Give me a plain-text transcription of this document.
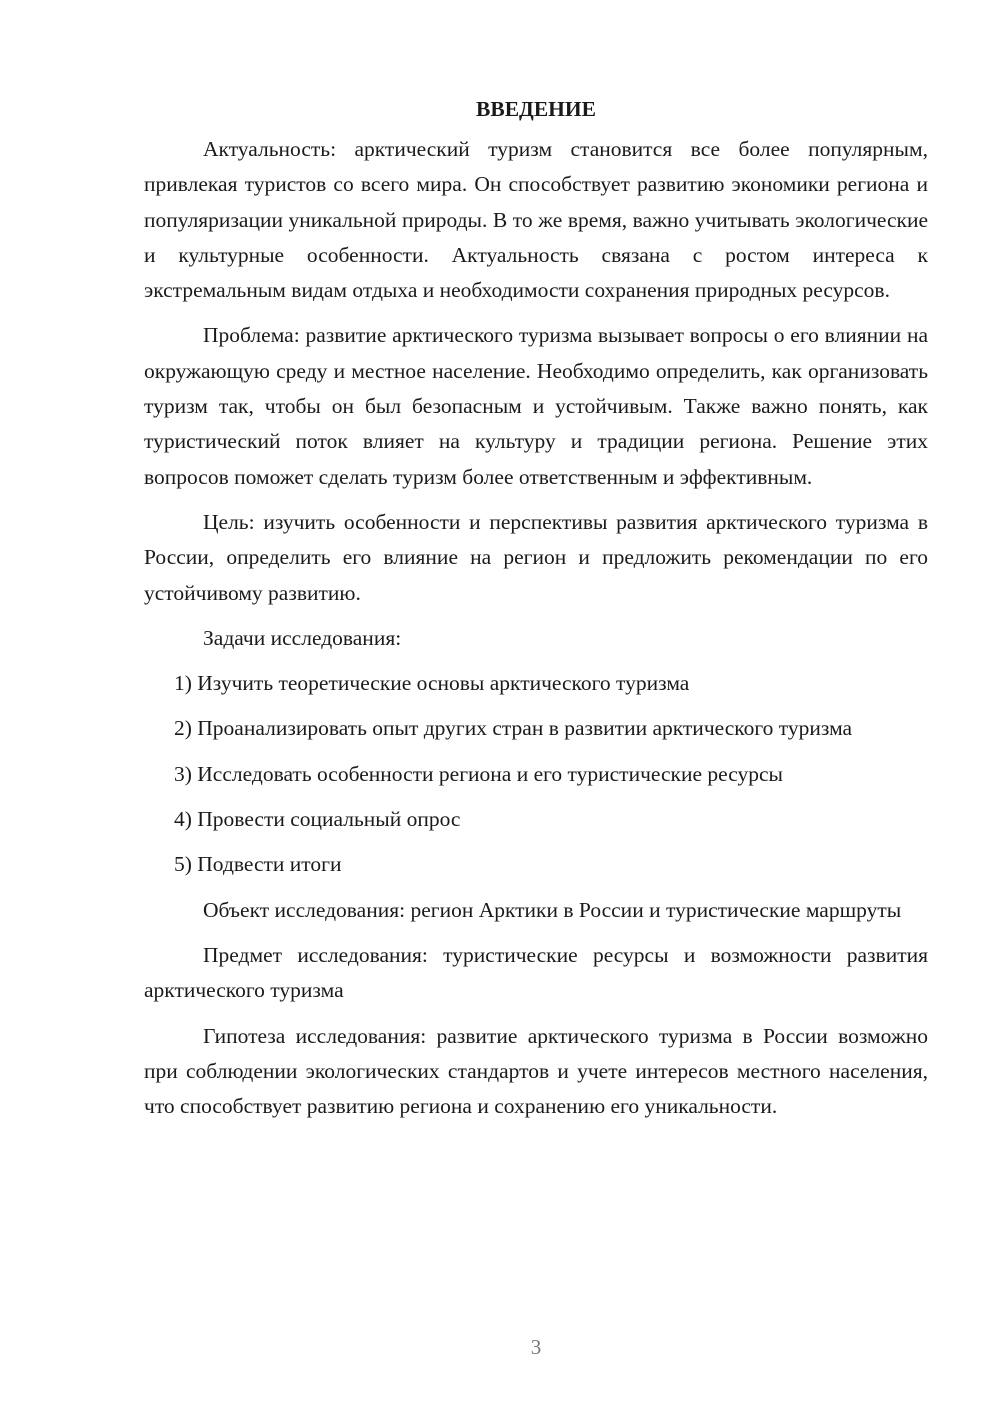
ВВЕДЕНИЕ

Актуальность: арктический туризм становится все более популярным, привлекая туристов со всего мира. Он способствует развитию экономики региона и популяризации уникальной природы. В то же время, важно учитывать экологические и культурные особенности. Актуальность связана с ростом интереса к экстремальным видам отдыха и необходимости сохранения природных ресурсов.

Проблема: развитие арктического туризма вызывает вопросы о его влиянии на окружающую среду и местное население. Необходимо определить, как организовать туризм так, чтобы он был безопасным и устойчивым. Также важно понять, как туристический поток влияет на культуру и традиции региона. Решение этих вопросов поможет сделать туризм более ответственным и эффективным.

Цель: изучить особенности и перспективы развития арктического туризма в России, определить его влияние на регион и предложить рекомендации по его устойчивому развитию.

Задачи исследования:

1) Изучить теоретические основы арктического туризма

2) Проанализировать опыт других стран в развитии арктического туризма

3) Исследовать особенности региона и его туристические ресурсы

4) Провести социальный опрос

5) Подвести итоги

Объект исследования: регион Арктики в России и туристические маршруты

Предмет исследования: туристические ресурсы и возможности развития арктического туризма

Гипотеза исследования: развитие арктического туризма в России возможно при соблюдении экологических стандартов и учете интересов местного населения, что способствует развитию региона и сохранению его уникальности.

3
